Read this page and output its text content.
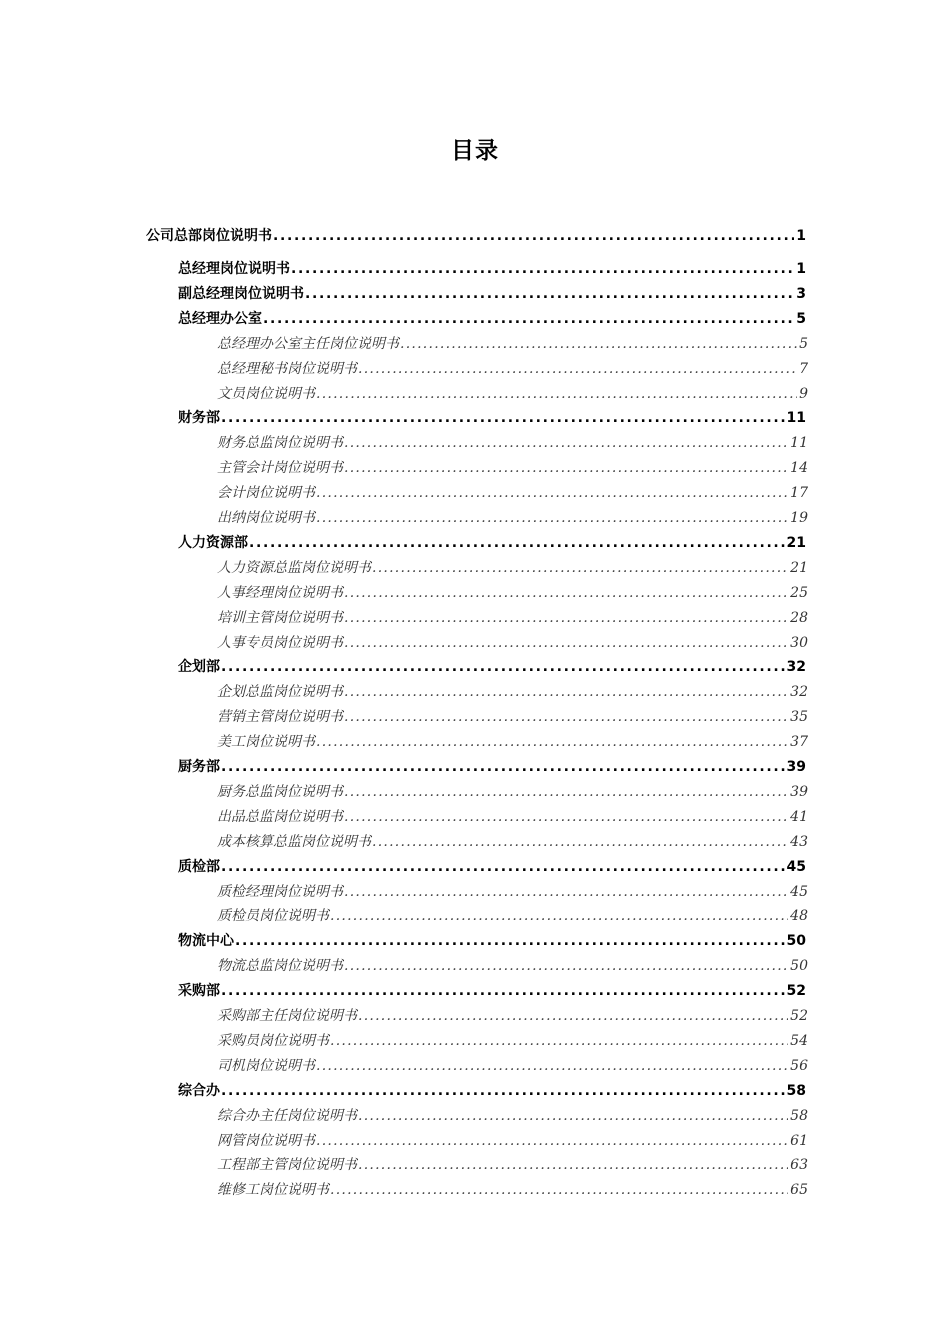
目录
公司总部岗位说明书 . . .	1
总经理岗位说明书 . . .	1
副总经理岗位说明书 . . .	3
总经理办公室 . . .	5
总经理办公室主任岗位说明书 . . .	5
总经理秘书岗位说明书 . . .	7
文员岗位说明书 . . .	9
财务部 . . .	11
财务总监岗位说明书 . . .	11
主管会计岗位说明书 . . .	14
会计岗位说明书 . . .	17
出纳岗位说明书 . . .	19
人力资源部 . . .	21
人力资源总监岗位说明书 . . .	21
人事经理岗位说明书 . . .	25
培训主管岗位说明书 . . .	28
人事专员岗位说明书 . . .	30
企划部 . . .	32
企划总监岗位说明书 . . .	32
营销主管岗位说明书 . . .	35
美工岗位说明书 . . .	37
厨务部 . . .	39
厨务总监岗位说明书 . . .	39
出品总监岗位说明书 . . .	41
成本核算总监岗位说明书 . . .	43
质检部 . . .	45
质检经理岗位说明书 . . .	45
质检员岗位说明书 . . .	48
物流中心 . . .	50
物流总监岗位说明书 . . .	50
采购部 . . .	52
采购部主任岗位说明书 . . .	52
采购员岗位说明书 . . .	54
司机岗位说明书 . . .	56
综合办 . . .	58
综合办主任岗位说明书 . . .	58
网管岗位说明书 . . .	61
工程部主管岗位说明书 . . .	63
维修工岗位说明书 . . .	65
